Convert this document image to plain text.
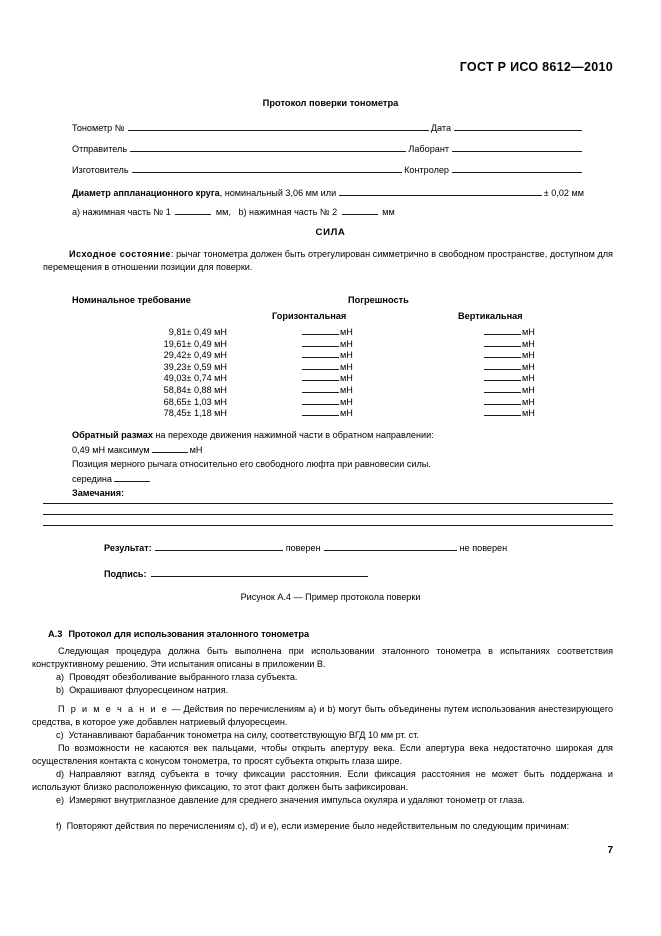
ГОСТ Р ИСО 8612—2010
Протокол поверки тонометра
Тонометр №	Дата
Отправитель	Лаборант
Изготовитель	Контролер
Диаметр аппланационного круга , номинальный 3,06 мм или	± 0,02 мм
a) нажимная часть № 1	мм, b) нажимная часть № 2	мм
СИЛА
Исходное состояние: рычаг тонометра должен быть отрегулирован симметрично в свободном пространстве, доступном для перемещения в отношении позиции для поверки.
Номинальное требование	Погрешность
Горизонтальная	Вертикальная
9,81± 0,49 мН	мН	мН
19,61± 0,49 мН	мН	мН
29,42± 0,49 мН	мН	мН
39,23± 0,59 мН	мН	мН
49,03± 0,74 мН	мН	мН
58,84± 0,88 мН	мН	мН
68,65± 1,03 мН	мН	мН
78,45± 1,18 мН	мН	мН
Обратный размах на переходе движения нажимной части в обратном направлении:
0,49 мН максимум	мН
Позиция мерного рычага относительно его свободного люфта при равновесии силы.
середина
Замечания:
Результат:	поверен	не поверен
Подпись:
Рисунок А.4 — Пример протокола поверки
А.3 Протокол для использования эталонного тонометра
Следующая процедура должна быть выполнена при использовании эталонного тонометра в испытаниях соответствия конструктивному решению. Эти испытания описаны в приложении В.
a) Проводят обезболивание выбранного глаза субъекта.
b) Окрашивают флуоресцеином натрия.
П р и м е ч а н и е — Действия по перечислениям a) и b) могут быть объединены путем использования анестезирующего средства, в которое уже добавлен натриевый флуоресцеин.
c) Устанавливают барабанчик тонометра на силу, соответствующую ВГД 10 мм рт. ст.
По возможности не касаются век пальцами, чтобы открыть апертуру века. Если апертура века недостаточно широкая для осуществления контакта с конусом тонометра, то просят субъекта открыть глаза шире.
d) Направляют взгляд субъекта в точку фиксации расстояния. Если фиксация расстояния не может быть поддержана и используют близко расположенную фиксацию, то этот факт должен быть зафиксирован.
e) Измеряют внутриглазное давление для среднего значения импульса окуляра и удаляют тонометр от глаза.
f) Повторяют действия по перечислениям c), d) и e), если измерение было недействительным по следующим причинам:
7
